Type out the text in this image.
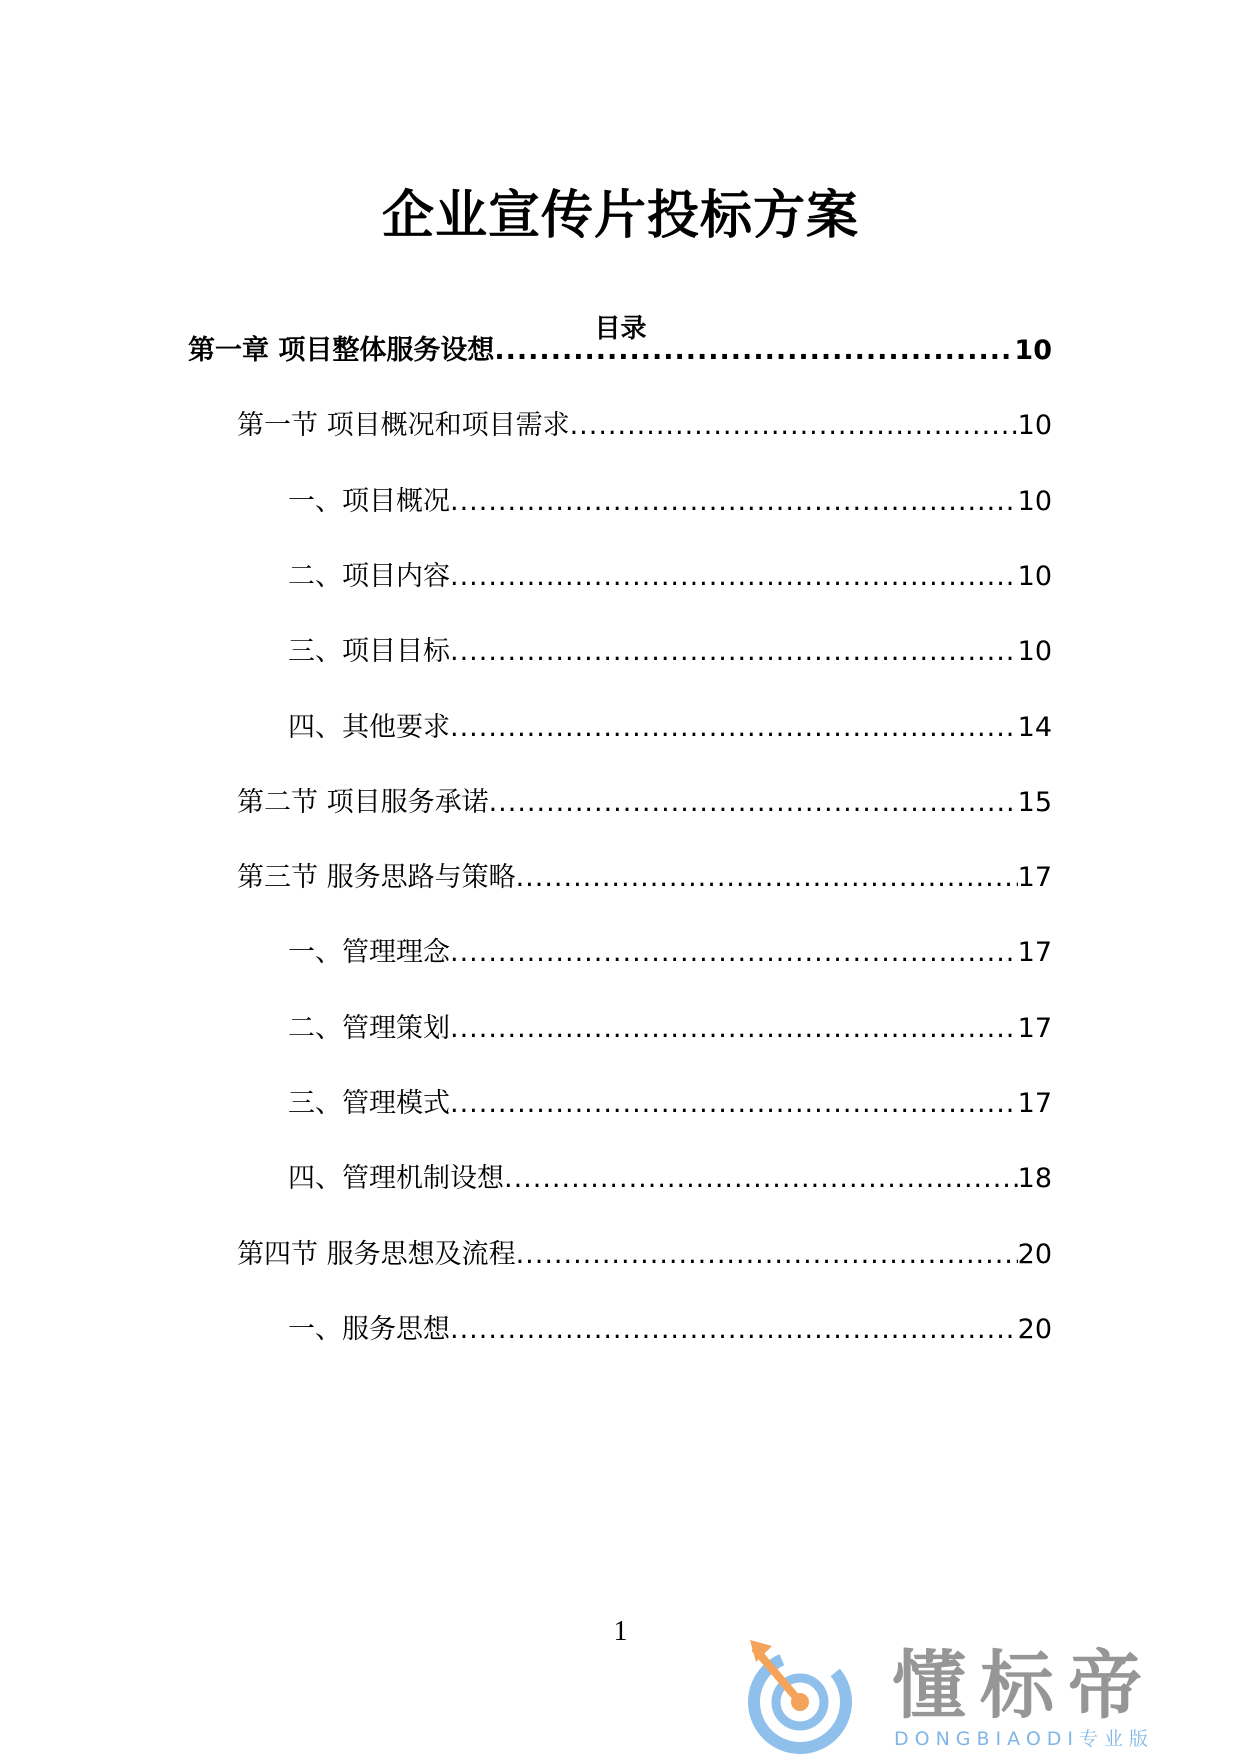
企业宣传片投标方案
目录
第一章 项目整体服务设想 .....	10
第一节 项目概况和项目需求 .....	10
一、项目概况 .....	10
二、项目内容 .....	10
三、项目目标 .....	10
四、其他要求 .....	14
第二节 项目服务承诺 .....	15
第三节 服务思路与策略 .....	17
一、管理理念 .....	17
二、管理策划 .....	17
三、管理模式 .....	17
四、管理机制设想 .....	18
第四节 服务思想及流程 .....	20
一、服务思想 .....	20
1
懂标帝
DONGBIAODI专业版
